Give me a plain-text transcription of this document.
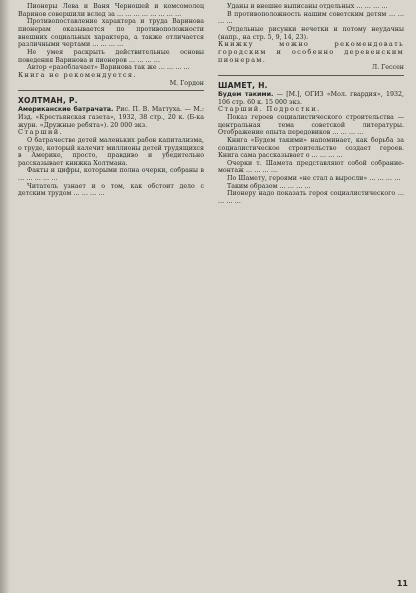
Пионеры Лева и Ваня Черношей и комсомолец Варинов совершили вслед за … … … … … … … …

Противопоставление характера и труда Варинова пионерам оказывается по противоположности внешних социальных характера, а также отличается различными чертами … … … …

Не умея раскрыть действительные основы поведения Варинова и пионеров … … … …

Автор «разоблачает» Варинова так же … … … …

Книга не рекомендуется.

М. Гордон

ХОЛТМАН, Р.

Американские батрачата. Рис. П. В. Маттуха. — М.: Изд. «Крестьянская газета», 1932, 38 стр., 20 к. (Б-ка журн. «Дружные ребята»). 20 000 экз.

Старший.

О батрачестве детей маленьких рабов капитализма, о труде, который калечит миллионы детей трудящихся в Америке, просто, правдиво и убедительно рассказывает книжка Холтмана.

Факты и цифры, которыми полна очерки, собраны в … … … … …

Читатель узнает и о том, как обстоит дело с детским трудом … … … …

Уданы и внешне выписаны отдельных … … … …

В противоположность нашим советским детям … … … …

Отдельные рисунки нечетки и потому неудачны (напр., на стр. 5, 9, 14, 23).

Книжку можно рекомендовать городским и особенно деревенским пионерам.

Л. Гессен

ШАМЕТ, Н.

Будем такими. — [М.], ОГИЗ «Мол. гвардия», 1932, 106 стр. 60 к. 15 000 экз.

Старший. Подростки.

Показ героев социалистического строительства — центральная тема советской литературы. Отображение опыта передовиков … … … …

Книга «Будем такими» напоминает, как борьба за социалистическое строительство создает героев. Книга сама рассказывает о … … … …

Очерки т. Шамета представляют собой собрание-монтаж … … … …

По Шамету, героями «не стал а выросли» … … … …

Таким образом … … … …

Пионеру надо показать героя социалистического … … … …

11
